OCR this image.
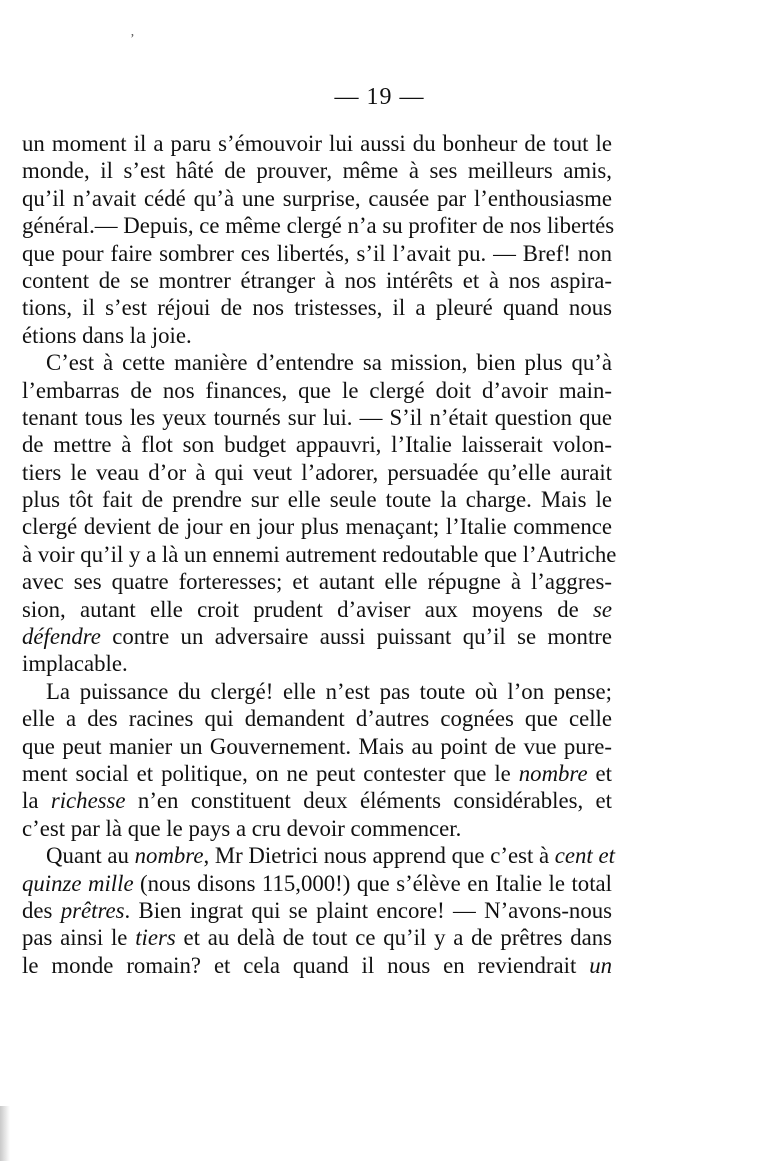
ʼ
— 19 —
un moment il a paru s’émouvoir lui aussi du bonheur de tout le
monde, il s’est hâté de prouver, même à ses meilleurs amis,
qu’il n’avait cédé qu’à une surprise, causée par l’enthousiasme
général.— Depuis, ce même clergé n’a su profiter de nos libertés
que pour faire sombrer ces libertés, s’il l’avait pu. — Bref! non
content de se montrer étranger à nos intérêts et à nos aspira-
tions, il s’est réjoui de nos tristesses, il a pleuré quand nous
étions dans la joie.
C’est à cette manière d’entendre sa mission, bien plus qu’à
l’embarras de nos finances, que le clergé doit d’avoir main-
tenant tous les yeux tournés sur lui. — S’il n’était question que
de mettre à flot son budget appauvri, l’Italie laisserait volon-
tiers le veau d’or à qui veut l’adorer, persuadée qu’elle aurait
plus tôt fait de prendre sur elle seule toute la charge. Mais le
clergé devient de jour en jour plus menaçant; l’Italie commence
à voir qu’il y a là un ennemi autrement redoutable que l’Autriche
avec ses quatre forteresses; et autant elle répugne à l’aggres-
sion, autant elle croit prudent d’aviser aux moyens de se
défendre contre un adversaire aussi puissant qu’il se montre
implacable.
La puissance du clergé! elle n’est pas toute où l’on pense;
elle a des racines qui demandent d’autres cognées que celle
que peut manier un Gouvernement. Mais au point de vue pure-
ment social et politique, on ne peut contester que le nombre et
la richesse n’en constituent deux éléments considérables, et
c’est par là que le pays a cru devoir commencer.
Quant au nombre, Mr Dietrici nous apprend que c’est à cent et
quinze mille (nous disons 115,000!) que s’élève en Italie le total
des prêtres. Bien ingrat qui se plaint encore! — N’avons-nous
pas ainsi le tiers et au delà de tout ce qu’il y a de prêtres dans
le monde romain? et cela quand il nous en reviendrait un
